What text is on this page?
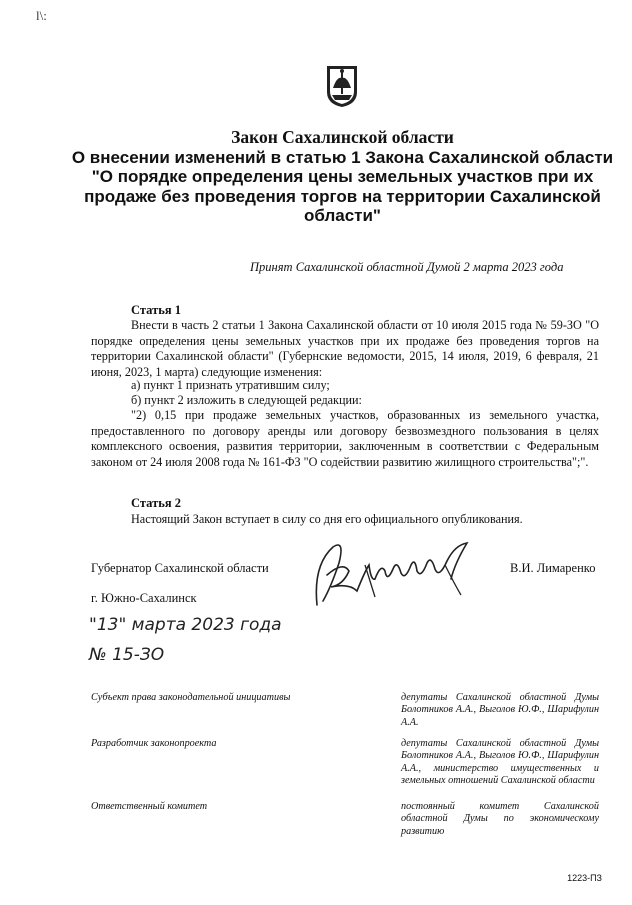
l\:
Закон Сахалинской области
О внесении изменений в статью 1 Закона Сахалинской области "О порядке определения цены земельных участков при их продаже без проведения торгов на территории Сахалинской области"
Принят Сахалинской областной Думой 2 марта 2023 года
Статья 1
Внести в часть 2 статьи 1 Закона Сахалинской области от 10 июля 2015 года № 59-ЗО "О порядке определения цены земельных участков при их продаже без проведения торгов на территории Сахалинской области" (Губернские ведомости, 2015, 14 июля, 2019, 6 февраля, 21 июня, 2023, 1 марта) следующие изменения:
а) пункт 1 признать утратившим силу;
б) пункт 2 изложить в следующей редакции:
"2) 0,15 при продаже земельных участков, образованных из земельного участка, предоставленного по договору аренды или договору безвозмездного пользования в целях комплексного освоения, развития территории, заключенным в соответствии с Федеральным законом от 24 июля 2008 года № 161-ФЗ "О содействии развитию жилищного строительства";".
Статья 2
Настоящий Закон вступает в силу со дня его официального опубликования.
Губернатор Сахалинской области	В.И. Лимаренко
г. Южно-Сахалинск
"13" марта 2023 года
№ 15-ЗО
Субъект права законодательной инициативы	депутаты Сахалинской областной Думы Болотников А.А., Выголов Ю.Ф., Шарифулин А.А.
Разработчик законопроекта	депутаты Сахалинской областной Думы Болотников А.А., Выголов Ю.Ф., Шарифулин А.А., министерство имущественных и земельных отношений Сахалинской области
Ответственный комитет	постоянный комитет Сахалинской областной Думы по экономическому развитию
1223-ПЗ
